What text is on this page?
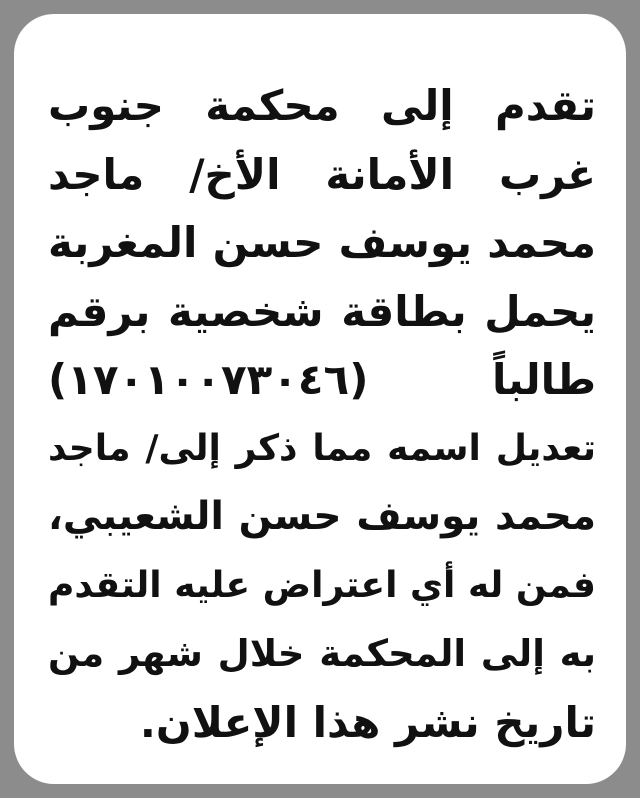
تقدم إلى محكمة جنوب
غرب الأمانة الأخ/ ماجد
محمد يوسف حسن المغربة
يحمل بطاقة شخصية برقم
طالباً (١٧٠١٠٠٧٣٠٤٦)
تعديل اسمه مما ذكر إلى/ ماجد
محمد يوسف حسن الشعيبي،
فمن له أي اعتراض عليه التقدم
به إلى المحكمة خلال شهر من
تاريخ نشر هذا الإعلان.
